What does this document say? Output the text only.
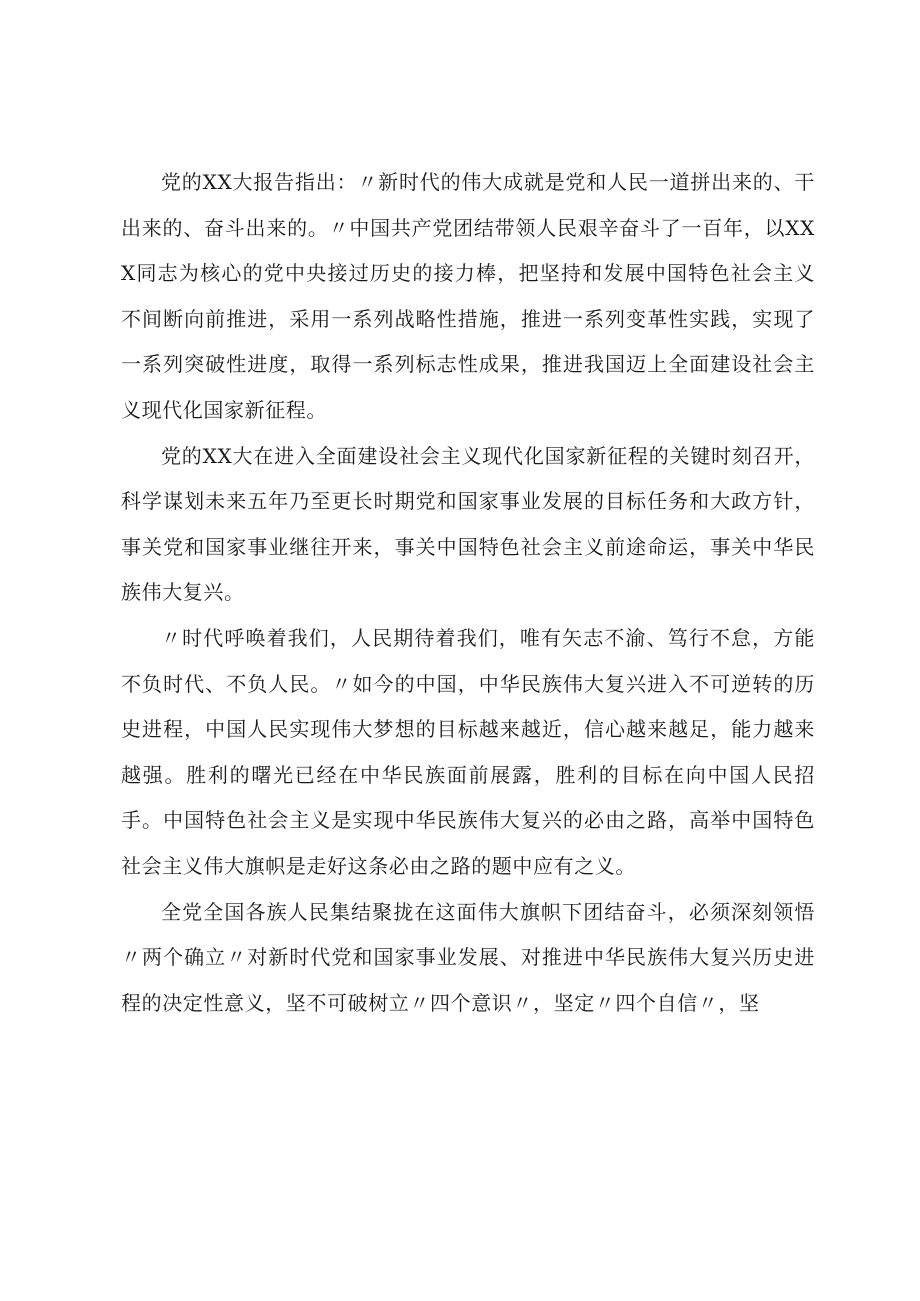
党的XX大报告指出：〃新时代的伟大成就是党和人民一道拼出来的、干出来的、奋斗出来的。〃中国共产党团结带领人民艰辛奋斗了一百年，以XXX同志为核心的党中央接过历史的接力棒，把坚持和发展中国特色社会主义不间断向前推进，采用一系列战略性措施，推进一系列变革性实践，实现了一系列突破性进度，取得一系列标志性成果，推进我国迈上全面建设社会主义现代化国家新征程。

党的XX大在进入全面建设社会主义现代化国家新征程的关键时刻召开，科学谋划未来五年乃至更长时期党和国家事业发展的目标任务和大政方针，事关党和国家事业继往开来，事关中国特色社会主义前途命运，事关中华民族伟大复兴。

〃时代呼唤着我们，人民期待着我们，唯有矢志不渝、笃行不怠，方能不负时代、不负人民。〃如今的中国，中华民族伟大复兴进入不可逆转的历史进程，中国人民实现伟大梦想的目标越来越近，信心越来越足，能力越来越强。胜利的曙光已经在中华民族面前展露，胜利的目标在向中国人民招手。中国特色社会主义是实现中华民族伟大复兴的必由之路，高举中国特色社会主义伟大旗帜是走好这条必由之路的题中应有之义。

全党全国各族人民集结聚拢在这面伟大旗帜下团结奋斗，必须深刻领悟〃两个确立〃对新时代党和国家事业发展、对推进中华民族伟大复兴历史进程的决定性意义，坚不可破树立〃四个意识〃，坚定〃四个自信〃，坚
